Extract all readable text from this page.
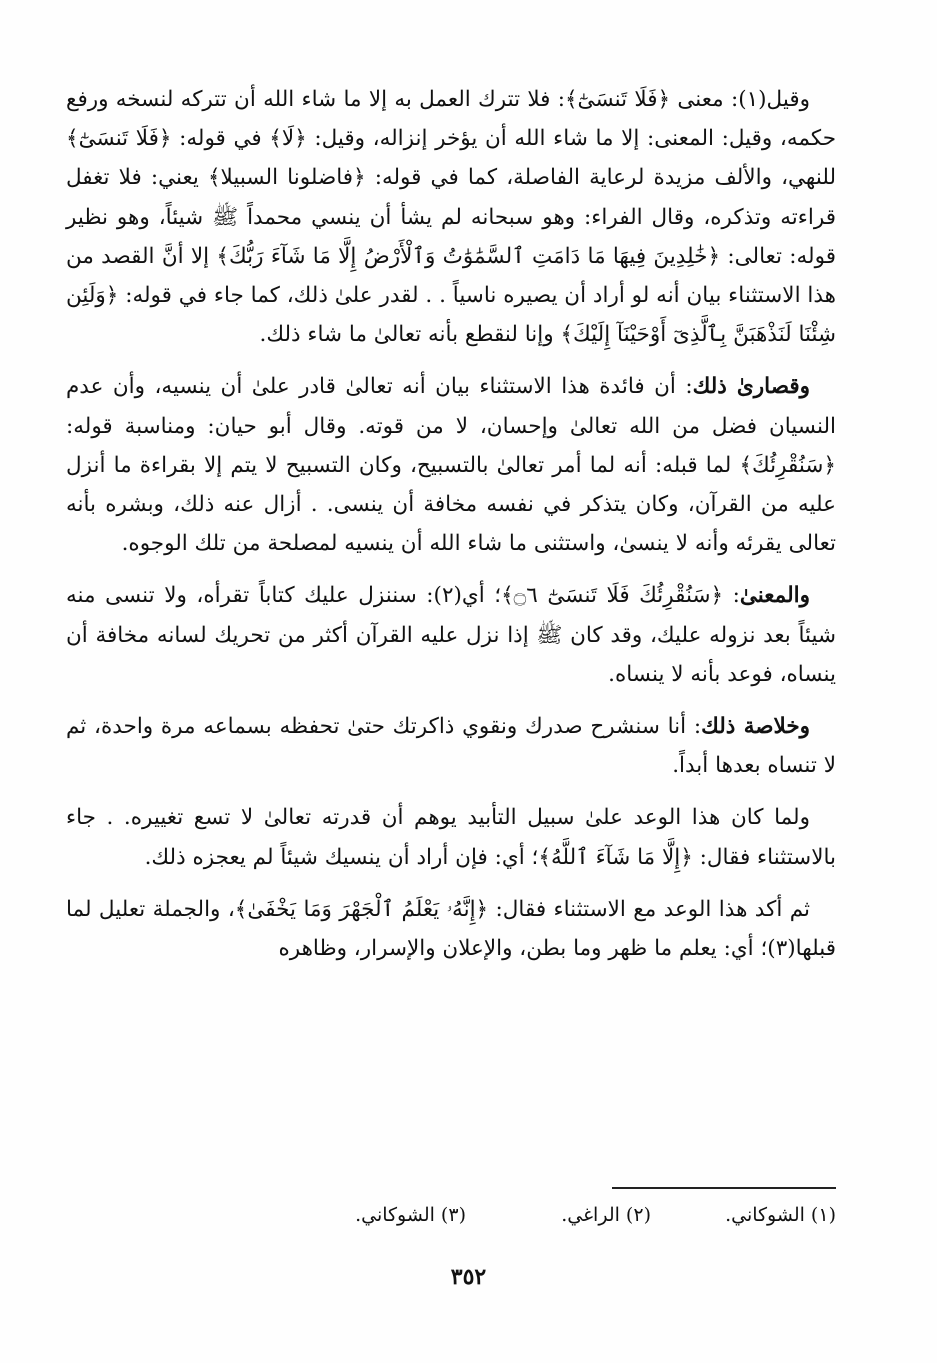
وقيل(١): معنى ﴿فَلَا تَنسَىٰٓ﴾: فلا تترك العمل به إلا ما شاء الله أن تتركه لنسخه ورفع حكمه، وقيل: المعنى: إلا ما شاء الله أن يؤخر إنزاله، وقيل: ﴿لَا﴾ في قوله: ﴿فَلَا تَنسَىٰٓ﴾ للنهي، والألف مزيدة لرعاية الفاصلة، كما في قوله: ﴿فاضلونا السبيلا﴾ يعني: فلا تغفل قراءته وتذكره، وقال الفراء: وهو سبحانه لم يشأ أن ينسي محمداً ﷺ شيئاً، وهو نظير قوله: تعالى: ﴿خَٰلِدِينَ فِيهَا مَا دَامَتِ ٱلسَّمَٰوَٰتُ وَٱلْأَرْضُ إِلَّا مَا شَآءَ رَبُّكَ﴾ إلا أنَّ القصد من هذا الاستثناء بيان أنه لو أراد أن يصيره ناسياً . . لقدر علىٰ ذلك، كما جاء في قوله: ﴿وَلَئِن شِئْنَا لَنَذْهَبَنَّ بِٱلَّذِىٓ أَوْحَيْنَآ إِلَيْكَ﴾ وإنا لنقطع بأنه تعالىٰ ما شاء ذلك.

وقصارىٰ ذلك: أن فائدة هذا الاستثناء بيان أنه تعالىٰ قادر علىٰ أن ينسيه، وأن عدم النسيان فضل من الله تعالىٰ وإحسان، لا من قوته. وقال أبو حيان: ومناسبة قوله: ﴿سَنُقْرِئُكَ﴾ لما قبله: أنه لما أمر تعالىٰ بالتسبيح، وكان التسبيح لا يتم إلا بقراءة ما أنزل عليه من القرآن، وكان يتذكر في نفسه مخافة أن ينسى. . أزال عنه ذلك، وبشره بأنه تعالى يقرئه وأنه لا ينسىٰ، واستثنى ما شاء الله أن ينسيه لمصلحة من تلك الوجوه.

والمعنىٰ: ﴿سَنُقْرِئُكَ فَلَا تَنسَىٰٓ ۝٦﴾؛ أي(٢): سننزل عليك كتاباً تقرأه، ولا تنسى منه شيئاً بعد نزوله عليك، وقد كان ﷺ إذا نزل عليه القرآن أكثر من تحريك لسانه مخافة أن ينساه، فوعد بأنه لا ينساه.

وخلاصة ذلك: أنا سنشرح صدرك ونقوي ذاكرتك حتىٰ تحفظه بسماعه مرة واحدة، ثم لا تنساه بعدها أبداً.

ولما كان هذا الوعد علىٰ سبيل التأبيد يوهم أن قدرته تعالىٰ لا تسع تغييره. . جاء بالاستثناء فقال: ﴿إِلَّا مَا شَآءَ ٱللَّهُ﴾؛ أي: فإن أراد أن ينسيك شيئاً لم يعجزه ذلك.

ثم أكد هذا الوعد مع الاستثناء فقال: ﴿إِنَّهُۥ يَعْلَمُ ٱلْجَهْرَ وَمَا يَخْفَىٰ﴾، والجملة تعليل لما قبلها(٣)؛ أي: يعلم ما ظهر وما بطن، والإعلان والإسرار، وظاهره

(١) الشوكاني.
(٢) الراغي.
(٣) الشوكاني.
٣٥٢
